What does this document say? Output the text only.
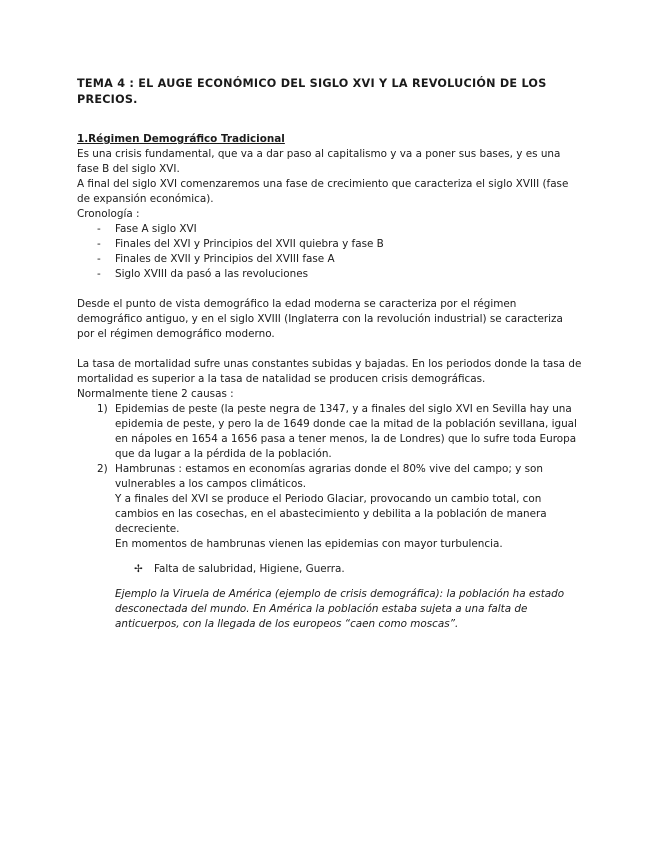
TEMA 4 : EL AUGE ECONÓMICO DEL SIGLO XVI Y LA REVOLUCIÓN DE LOS PRECIOS.

1.Régimen Demográfico Tradicional

Es una crisis fundamental, que va a dar paso al capitalismo y va a poner sus bases, y es una fase B del siglo XVI.

A final del siglo XVI comenzaremos una fase de crecimiento que caracteriza el siglo XVIII (fase de expansión económica).

Cronología :

- Fase A siglo XVI
- Finales del XVI y Principios del XVII quiebra y fase B
- Finales de XVII y Principios del XVIII fase A
- Siglo XVIII da pasó a las revoluciones

Desde el punto de vista demográfico la edad moderna se caracteriza por el régimen demográfico antiguo, y en el siglo XVIII (Inglaterra con la revolución industrial) se caracteriza por el régimen demográfico moderno.

La tasa de mortalidad sufre unas constantes subidas y bajadas. En los periodos donde la tasa de mortalidad es superior a la tasa de natalidad se producen crisis demográficas.

Normalmente tiene 2 causas :

1) Epidemias de peste (la peste negra de 1347, y a finales del siglo XVI en Sevilla hay una epidemia de peste, y pero la de 1649 donde cae la mitad de la población sevillana, igual en nápoles en 1654 a 1656 pasa a tener menos, la de Londres) que lo sufre toda Europa que da lugar a la pérdida de la población.
2) Hambrunas : estamos en economías agrarias donde el 80% vive del campo; y son vulnerables a los campos climáticos.

Y a finales del XVI se produce el Periodo Glaciar, provocando un cambio total, con cambios en las cosechas, en el abastecimiento y debilita a la población de manera decreciente.

En momentos de hambrunas vienen las epidemias con mayor turbulencia.

✢ Falta de salubridad, Higiene, Guerra.

Ejemplo la Viruela de América (ejemplo de crisis demográfica): la población ha estado desconectada del mundo. En América la población estaba sujeta a una falta de anticuerpos, con la llegada de los europeos “caen como moscas”.
